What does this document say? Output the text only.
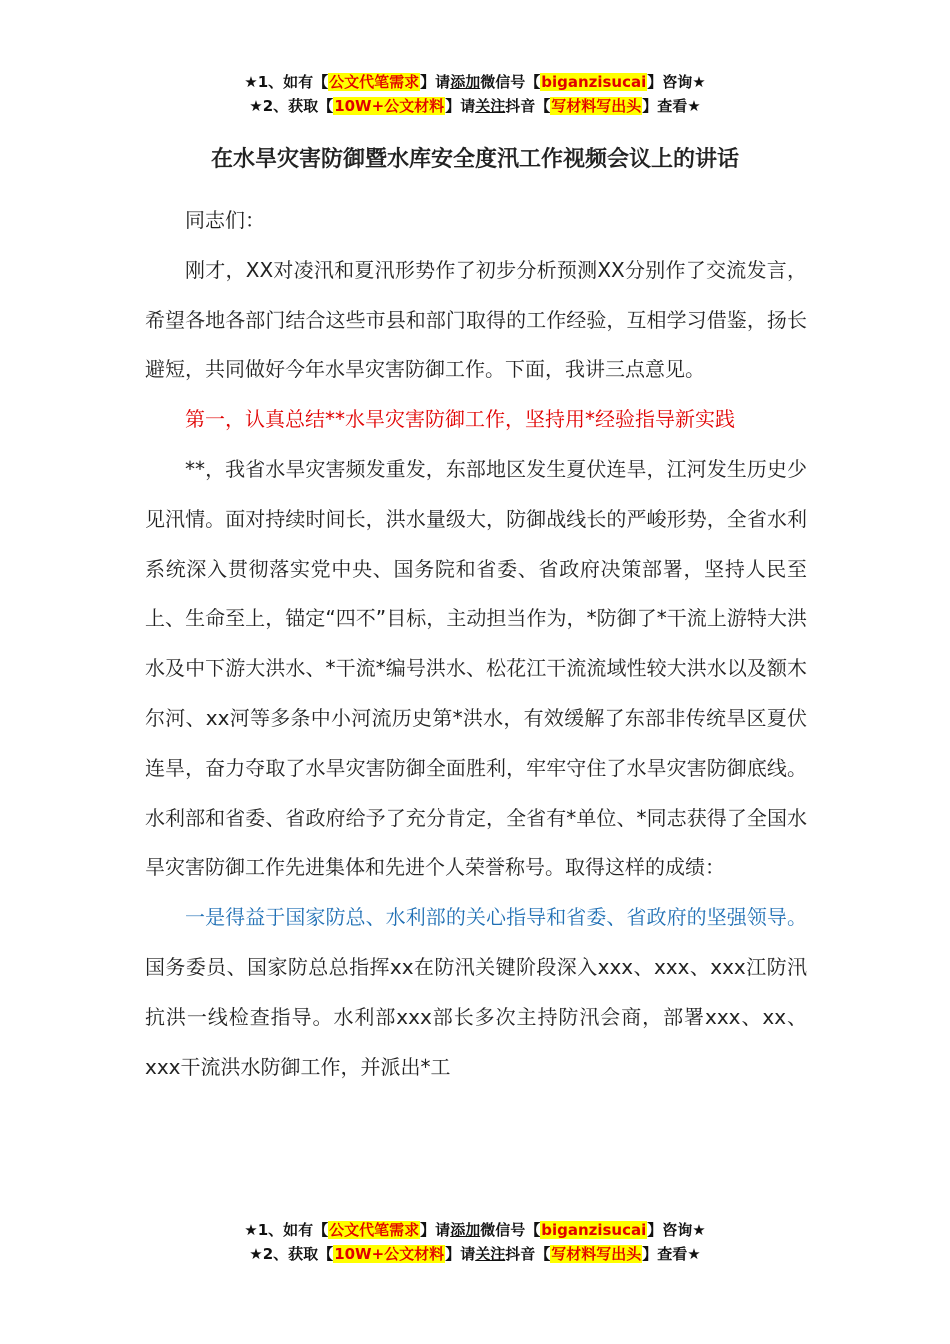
★1、如有【公文代笔需求】请添加微信号【biganzisucai】咨询★
★2、获取【10W+公文材料】请关注抖音【写材料写出头】查看★
在水旱灾害防御暨水库安全度汛工作视频会议上的讲话

同志们：

刚才，XX对凌汛和夏汛形势作了初步分析预测XX分别作了交流发言，希望各地各部门结合这些市县和部门取得的工作经验，互相学习借鉴，扬长避短，共同做好今年水旱灾害防御工作。下面，我讲三点意见。

第一，认真总结**水旱灾害防御工作，坚持用*经验指导新实践

**，我省水旱灾害频发重发，东部地区发生夏伏连旱，江河发生历史少见汛情。面对持续时间长，洪水量级大，防御战线长的严峻形势，全省水利系统深入贯彻落实党中央、国务院和省委、省政府决策部署，坚持人民至上、生命至上，锚定“四不”目标，主动担当作为，*防御了*干流上游特大洪水及中下游大洪水、*干流*编号洪水、松花江干流流域性较大洪水以及额木尔河、xx河等多条中小河流历史第*洪水，有效缓解了东部非传统旱区夏伏连旱，奋力夺取了水旱灾害防御全面胜利，牢牢守住了水旱灾害防御底线。水利部和省委、省政府给予了充分肯定，全省有*单位、*同志获得了全国水旱灾害防御工作先进集体和先进个人荣誉称号。取得这样的成绩：

一是得益于国家防总、水利部的关心指导和省委、省政府的坚强领导。国务委员、国家防总总指挥xx在防汛关键阶段深入xxx、xxx、xxx江防汛抗洪一线检查指导。水利部xxx部长多次主持防汛会商，部署xxx、xx、xxx干流洪水防御工作，并派出*工

★1、如有【公文代笔需求】请添加微信号【biganzisucai】咨询★
★2、获取【10W+公文材料】请关注抖音【写材料写出头】查看★
